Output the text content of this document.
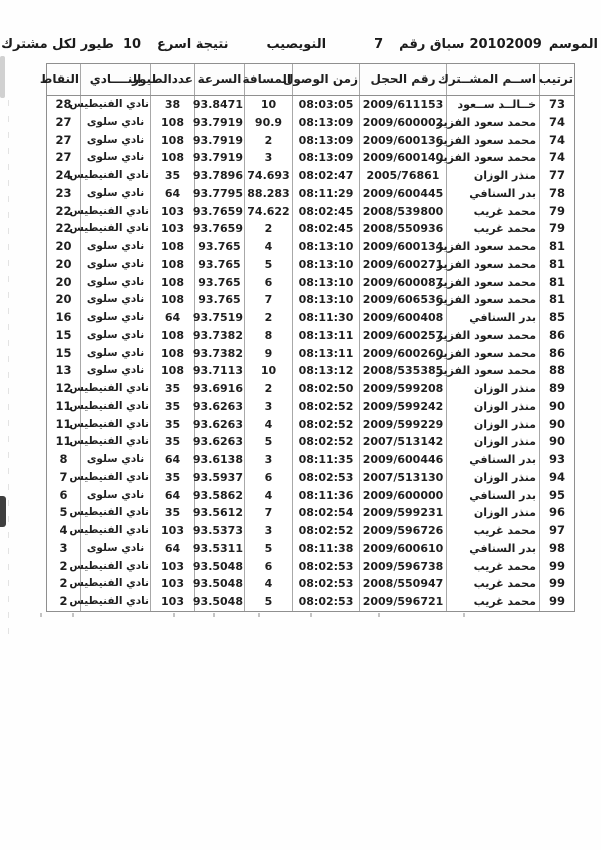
الموسم
20102009
سباق رقم
7
النويصيب
نتيجة اسرع
10
طيور لكل مشترك
ترتيب
اســم المشــترك
رقم الحجل
زمن الوصول
المسافة
السرعة
عددالطيور
النــــادي
النقاط
73
خــالــد ســعود
2009/611153
08:03:05
10
93.8471
38
نادي الفنيطيس
28
74
محمد سعود الفزير
2009/600002
08:13:09
90.9
93.7919
108
نادي سلوى
27
74
محمد سعود الفزير
2009/600136
08:13:09
2
93.7919
108
نادي سلوى
27
74
محمد سعود الفزير
2009/600140
08:13:09
3
93.7919
108
نادي سلوى
27
77
منذر الوزان
2005/76861
08:02:47
74.693
93.7896
35
نادي الفنيطيس
24
78
بدر السنافي
2009/600445
08:11:29
88.283
93.7795
64
نادي سلوى
23
79
محمد غريب
2008/539800
08:02:45
74.622
93.7659
103
نادي الفنيطيس
22
79
محمد غريب
2008/550936
08:02:45
2
93.7659
103
نادي الفنيطيس
22
81
محمد سعود الفزير
2009/600134
08:13:10
4
93.765
108
نادي سلوى
20
81
محمد سعود الفزير
2009/600271
08:13:10
5
93.765
108
نادي سلوى
20
81
محمد سعود الفزير
2009/600087
08:13:10
6
93.765
108
نادي سلوى
20
81
محمد سعود الفزير
2009/606536
08:13:10
7
93.765
108
نادي سلوى
20
85
بدر السنافي
2009/600408
08:11:30
2
93.7519
64
نادي سلوى
16
86
محمد سعود الفزير
2009/600257
08:13:11
8
93.7382
108
نادي سلوى
15
86
محمد سعود الفزير
2009/600260
08:13:11
9
93.7382
108
نادي سلوى
15
88
محمد سعود الفزير
2008/535385
08:13:12
10
93.7113
108
نادي سلوى
13
89
منذر الوزان
2009/599208
08:02:50
2
93.6916
35
نادي الفنيطيس
12
90
منذر الوزان
2009/599242
08:02:52
3
93.6263
35
نادي الفنيطيس
11
90
منذر الوزان
2009/599229
08:02:52
4
93.6263
35
نادي الفنيطيس
11
90
منذر الوزان
2007/513142
08:02:52
5
93.6263
35
نادي الفنيطيس
11
93
بدر السنافي
2009/600446
08:11:35
3
93.6138
64
نادي سلوى
8
94
منذر الوزان
2007/513130
08:02:53
6
93.5937
35
نادي الفنيطيس
7
95
بدر السنافي
2009/600000
08:11:36
4
93.5862
64
نادي سلوى
6
96
منذر الوزان
2009/599231
08:02:54
7
93.5612
35
نادي الفنيطيس
5
97
محمد غريب
2009/596726
08:02:52
3
93.5373
103
نادي الفنيطيس
4
98
بدر السنافي
2009/600610
08:11:38
5
93.5311
64
نادي سلوى
3
99
محمد غريب
2009/596738
08:02:53
6
93.5048
103
نادي الفنيطيس
2
99
محمد غريب
2008/550947
08:02:53
4
93.5048
103
نادي الفنيطيس
2
99
محمد غريب
2009/596721
08:02:53
5
93.5048
103
نادي الفنيطيس
2
